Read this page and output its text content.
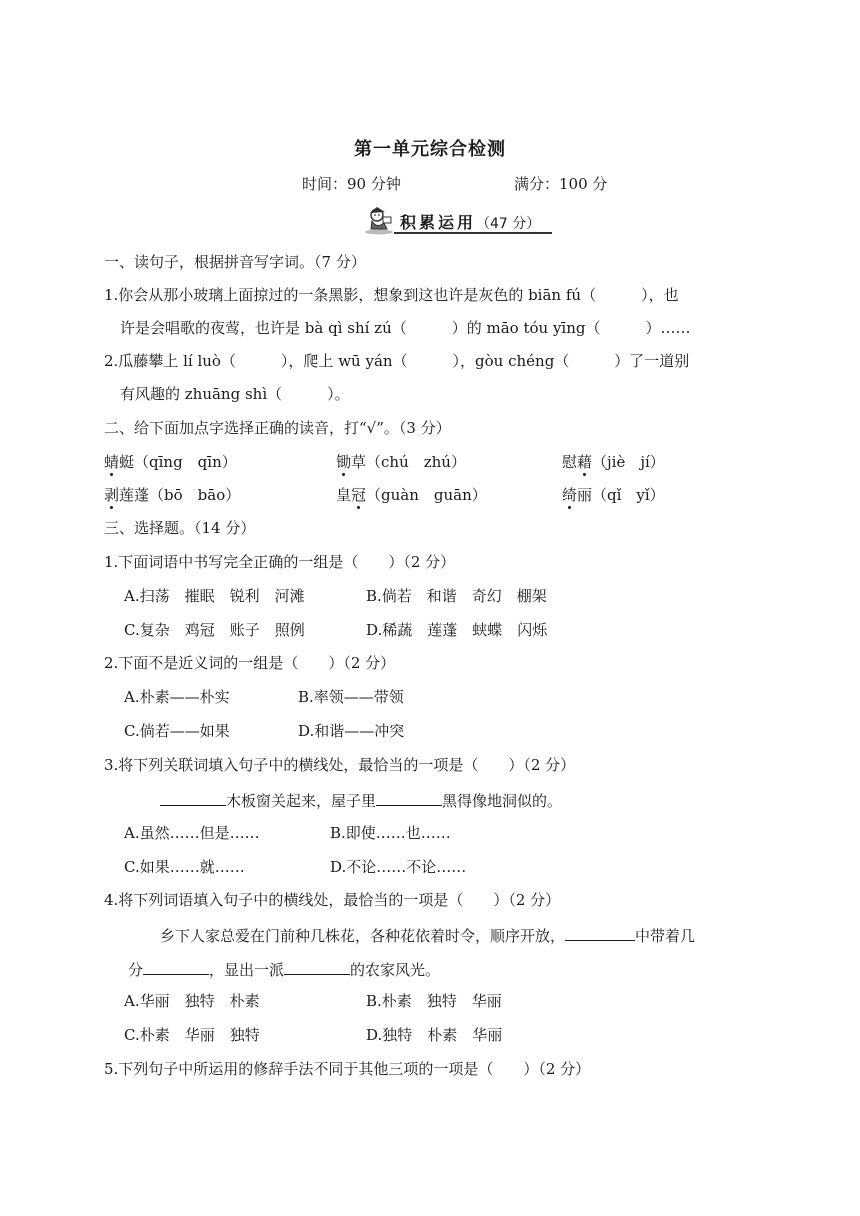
第一单元综合检测
时间：90 分钟	满分：100 分
积累运用（47 分）
一、读句子，根据拼音写字词。（7 分）
1.你会从那小玻璃上面掠过的一条黑影，想象到这也许是灰色的 biān fú（　　　），也
许是会唱歌的夜莺，也许是 bà qì shí zú（　　　）的 māo tóu yīng（　　　）……
2.瓜藤攀上 lí luò（　　　），爬上 wū yán（　　　），gòu chéng（　　　）了一道别
有风趣的 zhuāng shì（　　　）。
二、给下面加点字选择正确的读音，打“√”。（3 分）
蜻蜓（qīng　qīn）	锄草（chú　zhú）	慰藉（jiè　jí）
剥莲蓬（bō　bāo）	皇冠（guàn　guān）	绮丽（qǐ　yǐ）
三、选择题。（14 分）
1.下面词语中书写完全正确的一组是（　　）（2 分）
A.扫荡　摧眠　锐利　河滩	B.倘若　和谐　奇幻　棚架
C.复杂　鸡冠　账子　照例	D.稀蔬　莲蓬　蛱蝶　闪烁
2.下面不是近义词的一组是（　　）（2 分）
A.朴素——朴实	B.率领——带领
C.倘若——如果	D.和谐——冲突
3.将下列关联词填入句子中的横线处，最恰当的一项是（　　）（2 分）
木板窗关起来，屋子里	黑得像地洞似的。
A.虽然……但是……	B.即使……也……
C.如果……就……	D.不论……不论……
4.将下列词语填入句子中的横线处，最恰当的一项是（　　）（2 分）
乡下人家总爱在门前种几株花，各种花依着时令，顺序开放，	中带着几
分	，显出一派	的农家风光。
A.华丽　独特　朴素	B.朴素　独特　华丽
C.朴素　华丽　独特	D.独特　朴素　华丽
5.下列句子中所运用的修辞手法不同于其他三项的一项是（　　）（2 分）
